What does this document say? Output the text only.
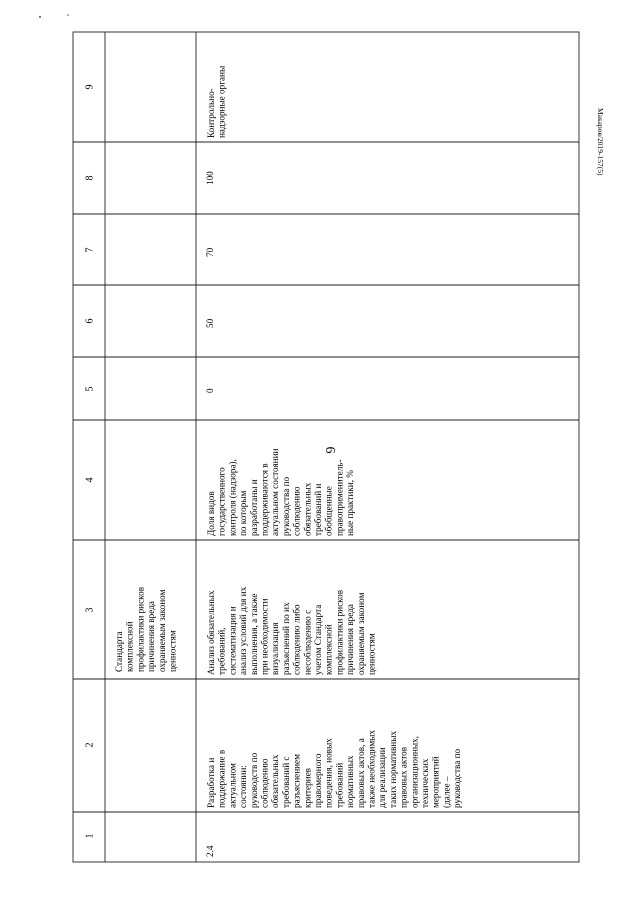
6
Макаров/2019-157(5)
1
2
3
4
5
6
7
8
9
Стандартакомплекснойпрофилактики рисковпричинения вредаохраняемым закономценностям
2.4
Разработка иподдержание вактуальномсостоянии:руководств пособлюдениюобязательныхтребований сразъяснениемкритериевправомерногоповедения, новыхтребованийнормативныхправовых актов, атакже необходимыхдля реализациитаких нормативныхправовых актоворганизационных,техническихмероприятий(далее –руководства по
Анализ обязательныхтребований,систематизация ианализ условий для ихвыполнения, а такжепри необходимостивизуализацияразъяснений по ихсоблюдению либонесоблюдению сучетом Стандартакомплекснойпрофилактики рисковпричинения вредаохраняемым закономценностям
Доля видовгосударственногоконтроля (надзора),по которымразработаны иподдерживаются вактуальном состояниируководства пособлюдениюобязательныхтребований иобобщенныеправоприменитель-ные практики, %
0
50
70
100
Контрольно-надзорные органы
